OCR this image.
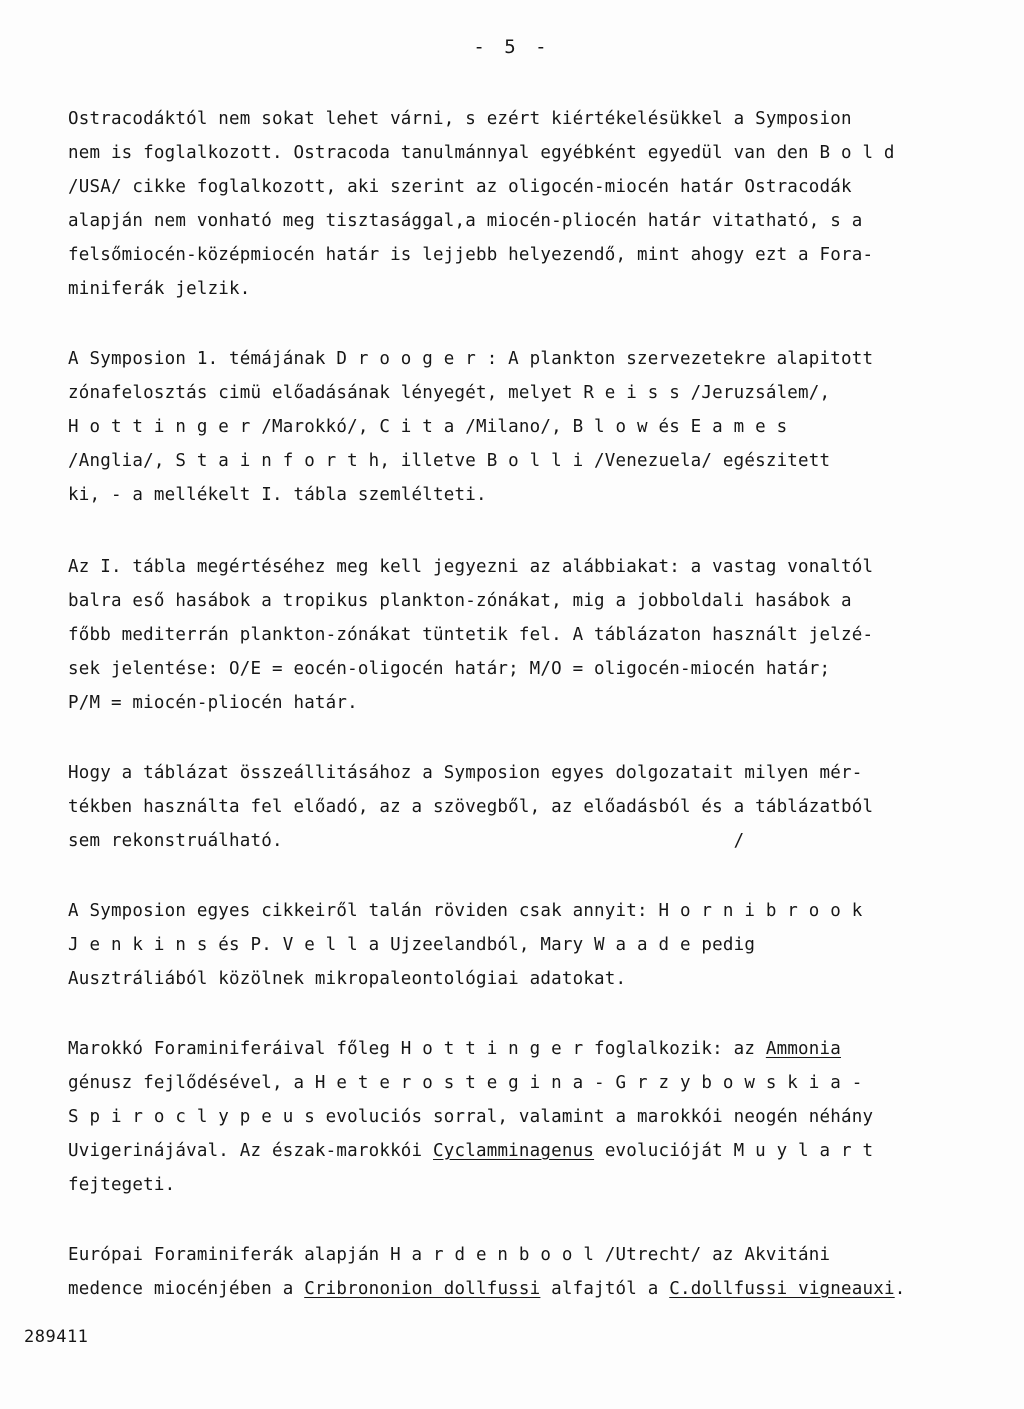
- 5 -
Ostracodáktól nem sokat lehet várni, s ezért kiértékelésükkel a Symposion
nem is foglalkozott. Ostracoda tanulmánnyal egyébként egyedül van den B o l d
/USA/ cikke foglalkozott, aki szerint az oligocén-miocén határ Ostracodák
alapján nem vonható meg tisztasággal,a miocén-pliocén határ vitatható, s a
felsőmiocén-középmiocén határ is lejjebb helyezendő, mint ahogy ezt a Fora-
miniferák jelzik.
A Symposion 1. témájának D r o o g e r : A plankton szervezetekre alapitott
zónafelosztás cimü előadásának lényegét, melyet R e i s s /Jeruzsálem/,
H o t t i n g e r /Marokkó/, C i t a /Milano/, B l o w és E a m e s
/Anglia/, S t a i n f o r t h, illetve B o l l i /Venezuela/ egészitett
ki, - a mellékelt I. tábla szemlélteti.
Az I. tábla megértéséhez meg kell jegyezni az alábbiakat: a vastag vonaltól
balra eső hasábok a tropikus plankton-zónákat, mig a jobboldali hasábok a
főbb mediterrán plankton-zónákat tüntetik fel. A táblázaton használt jelzé-
sek jelentése: O/E = eocén-oligocén határ; M/O = oligocén-miocén határ;
P/M = miocén-pliocén határ.
Hogy a táblázat összeállitásához a Symposion egyes dolgozatait milyen mér-
tékben használta fel előadó, az a szövegből, az előadásból és a táblázatból
sem rekonstruálható.                                          /
A Symposion egyes cikkeiről talán röviden csak annyit: H o r n i b r o o k
J e n k i n s és P. V e l l a Ujzeelandból, Mary W a a d e pedig
Ausztráliából közölnek mikropaleontológiai adatokat.
Marokkó Foraminiferáival főleg H o t t i n g e r foglalkozik: az Ammonia
génusz fejlődésével, a H e t e r o s t e g i n a - G r z y b o w s k i a -
S p i r o c l y p e u s evoluciós sorral, valamint a marokkói neogén néhány
Uvigerinájával. Az észak-marokkói Cyclamminagenus evolucióját M u y l a r t
fejtegeti.
Európai Foraminiferák alapján H a r d e n b o o l /Utrecht/ az Akvitáni
medence miocénjében a Cribrononion dollfussi alfajtól a C.dollfussi vigneauxi.
289411
